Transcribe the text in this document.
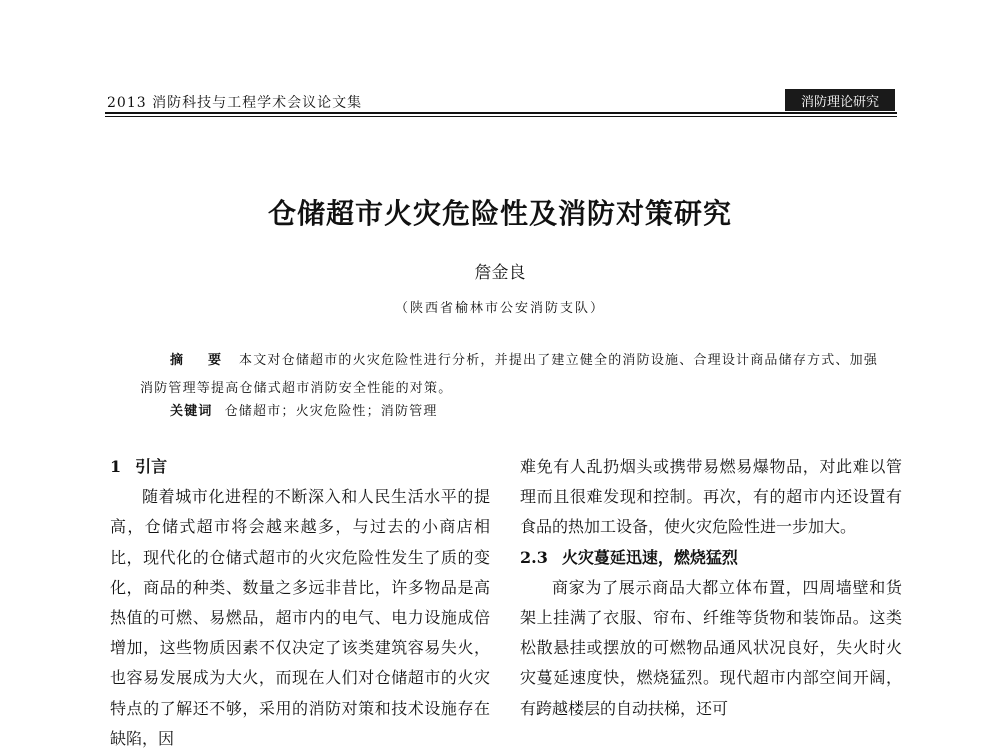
2013 消防科技与工程学术会议论文集	消防理论研究
仓储超市火灾危险性及消防对策研究
詹金良
（陕西省榆林市公安消防支队）

摘　要 本文对仓储超市的火灾危险性进行分析，并提出了建立健全的消防设施、合理设计商品储存方式、加强消防管理等提高仓储式超市消防安全性能的对策。

关键词 仓储超市；火灾危险性；消防管理
1 引言

随着城市化进程的不断深入和人民生活水平的提高，仓储式超市将会越来越多，与过去的小商店相比，现代化的仓储式超市的火灾危险性发生了质的变化，商品的种类、数量之多远非昔比，许多物品是高热值的可燃、易燃品，超市内的电气、电力设施成倍增加，这些物质因素不仅决定了该类建筑容易失火，也容易发展成为大火，而现在人们对仓储超市的火灾特点的了解还不够，采用的消防对策和技术设施存在缺陷，因

难免有人乱扔烟头或携带易燃易爆物品，对此难以管理而且很难发现和控制。再次，有的超市内还设置有食品的热加工设备，使火灾危险性进一步加大。

2.3 火灾蔓延迅速，燃烧猛烈

商家为了展示商品大都立体布置，四周墙壁和货架上挂满了衣服、帘布、纤维等货物和装饰品。这类松散悬挂或摆放的可燃物品通风状况良好，失火时火灾蔓延速度快，燃烧猛烈。现代超市内部空间开阔，有跨越楼层的自动扶梯，还可
